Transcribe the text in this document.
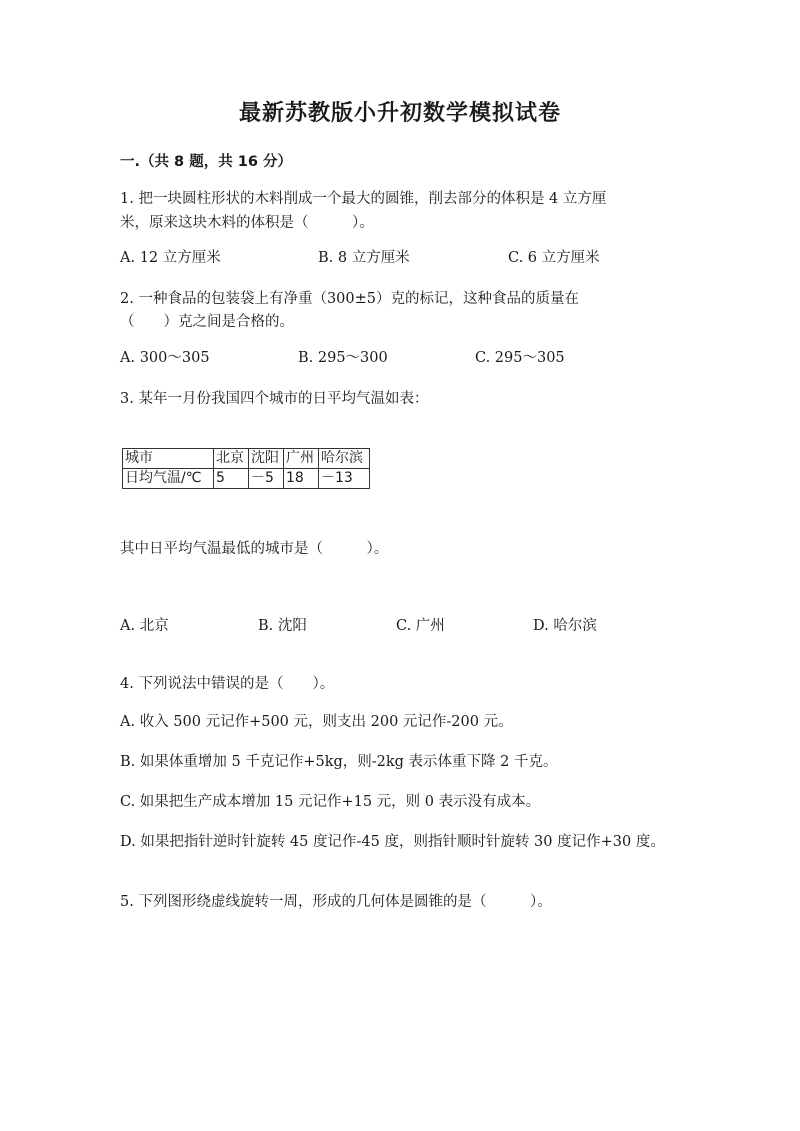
最新苏教版小升初数学模拟试卷
一.（共 8 题，共 16 分）
1. 把一块圆柱形状的木料削成一个最大的圆锥，削去部分的体积是 4 立方厘
米，原来这块木料的体积是（　　　）。
A. 12 立方厘米	B. 8 立方厘米	C. 6 立方厘米
2. 一种食品的包装袋上有净重（300±5）克的标记，这种食品的质量在
（　　）克之间是合格的。
A. 300～305	B. 295～300	C. 295～305
3. 某年一月份我国四个城市的日平均气温如表：
城市	北京	沈阳	广州	哈尔滨
日均气温/℃	5	－5	18	－13
其中日平均气温最低的城市是（　　　）。
A. 北京	B. 沈阳	C. 广州	D. 哈尔滨
4. 下列说法中错误的是（　　）。
A. 收入 500 元记作+500 元，则支出 200 元记作-200 元。
B. 如果体重增加 5 千克记作+5kg，则-2kg 表示体重下降 2 千克。
C. 如果把生产成本增加 15 元记作+15 元，则 0 表示没有成本。
D. 如果把指针逆时针旋转 45 度记作-45 度，则指针顺时针旋转 30 度记作+30 度。
5. 下列图形绕虚线旋转一周，形成的几何体是圆锥的是（　　　）。
